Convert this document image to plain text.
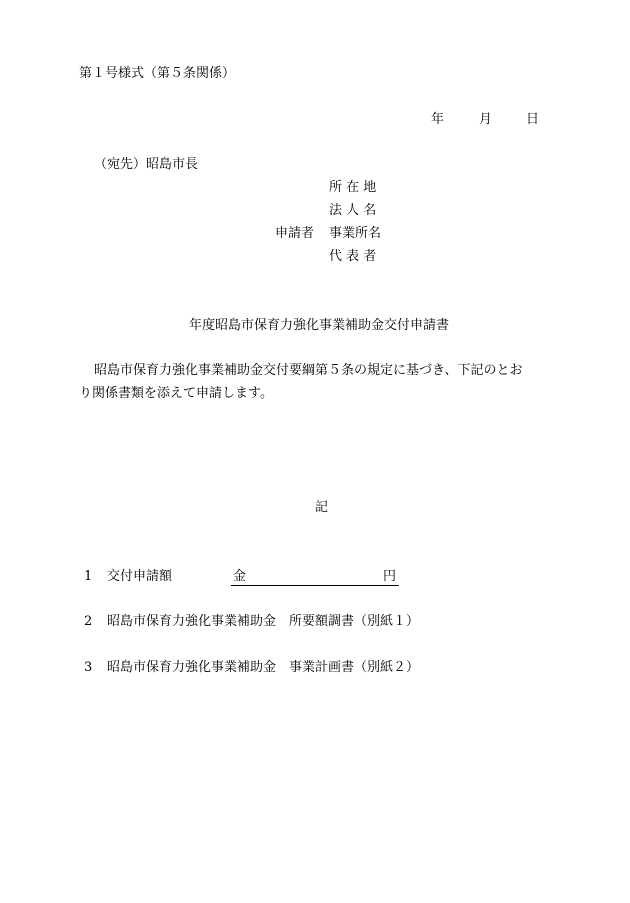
第１号様式（第５条関係）
年	月	日
（宛先）昭島市長
所 在 地
法 人 名
申請者 事業所名
代 表 者
年度昭島市保育力強化事業補助金交付申請書
昭島市保育力強化事業補助金交付要綱第５条の規定に基づき、下記のとお
り関係書類を添えて申請します。
記
1 交付申請額	金	円
2 昭島市保育力強化事業補助金　所要額調書（別紙１）
3 昭島市保育力強化事業補助金　事業計画書（別紙２）
